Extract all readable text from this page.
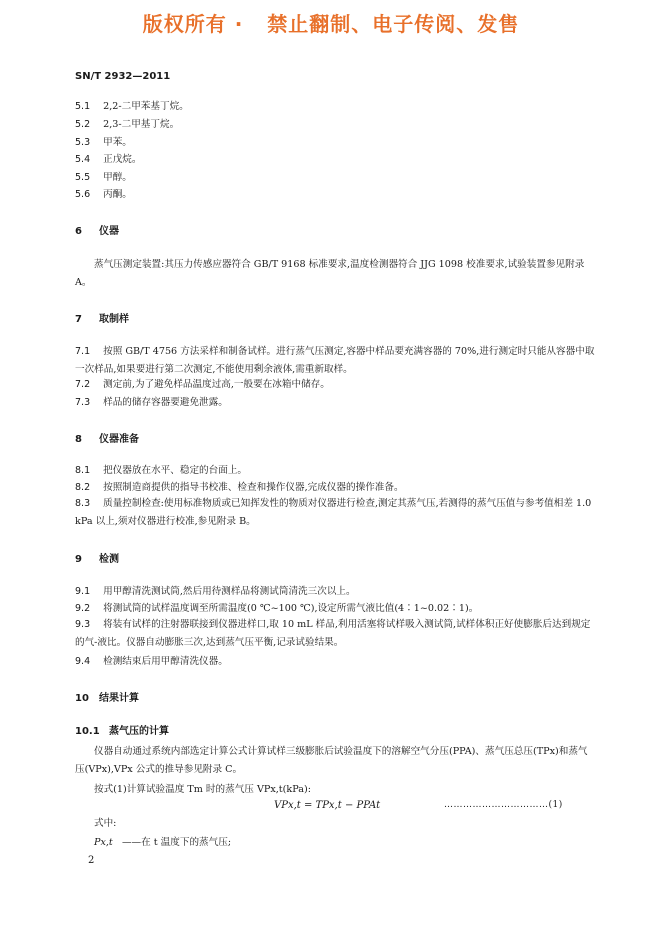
版权所有 · 禁止翻制、电子传阅、发售
SN/T 2932—2011
5.1 2,2-二甲苯基丁烷。
5.2 2,3-二甲基丁烷。
5.3 甲苯。
5.4 正戊烷。
5.5 甲醇。
5.6 丙酮。
6 仪器
蒸气压测定装置:其压力传感应器符合 GB/T 9168 标准要求,温度检测器符合 JJG 1098 校准要求,试验装置参见附录 A。
7 取制样
7.1 按照 GB/T 4756 方法采样和制备试样。进行蒸气压测定,容器中样品要充满容器的 70%,进行测定时只能从容器中取一次样品,如果要进行第二次测定,不能使用剩余液体,需重新取样。
7.2 测定前,为了避免样品温度过高,一般要在冰箱中储存。
7.3 样品的储存容器要避免泄露。
8 仪器准备
8.1 把仪器放在水平、稳定的台面上。
8.2 按照制造商提供的指导书校准、检查和操作仪器,完成仪器的操作准备。
8.3 质量控制检查:使用标准物质或已知挥发性的物质对仪器进行检查,测定其蒸气压,若测得的蒸气压值与参考值相差 1.0 kPa 以上,须对仪器进行校准,参见附录 B。
9 检测
9.1 用甲醇清洗测试筒,然后用待测样品将测试筒清洗三次以上。
9.2 将测试筒的试样温度调至所需温度(0 ℃~100 ℃),设定所需气液比值(4∶1~0.02∶1)。
9.3 将装有试样的注射器联接到仪器进样口,取 10 mL 样品,利用活塞将试样吸入测试筒,试样体积正好使膨胀后达到规定的气-液比。仪器自动膨胀三次,达到蒸气压平衡,记录试验结果。
9.4 检测结束后用甲醇清洗仪器。
10 结果计算
10.1 蒸气压的计算
仪器自动通过系统内部选定计算公式计算试样三级膨胀后试验温度下的溶解空气分压(PPA)、蒸气压总压(TPx)和蒸气压(VPx),VPx 公式的推导参见附录 C。
按式(1)计算试验温度 Tm 时的蒸气压 VPx,t(kPa):
VPx,t = TPx,t − PPAt	……………………………(1)
式中:
Px,t ——在 t 温度下的蒸气压;
2
